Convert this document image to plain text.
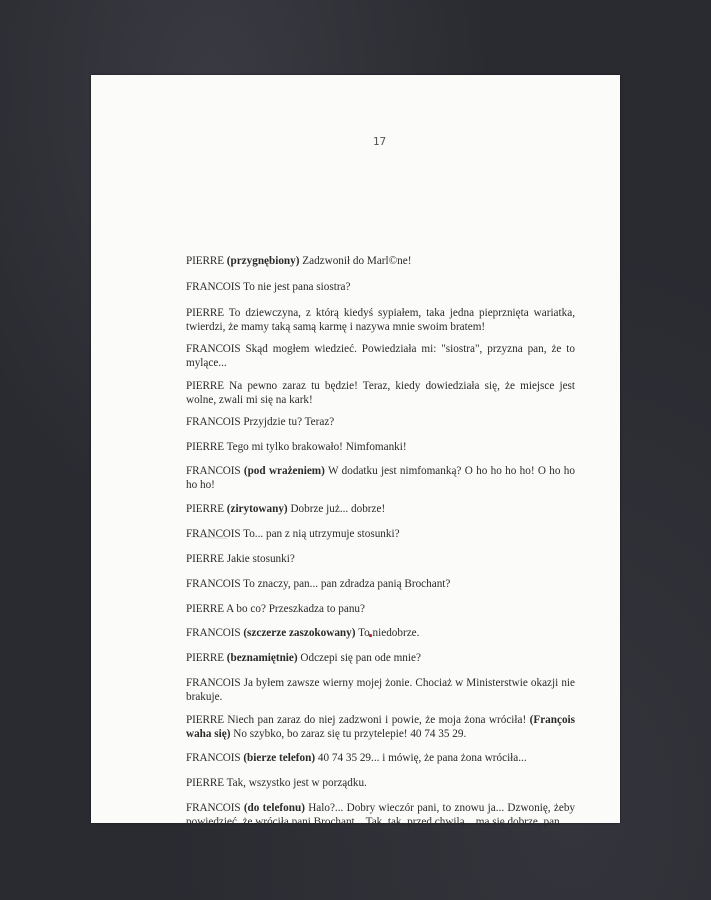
17

PIERRE (przygnębiony) Zadzwonił do Marl©ne!

FRANCOIS To nie jest pana siostra?

PIERRE To dziewczyna, z którą kiedyś sypiałem, taka jedna pieprznięta wariatka, twierdzi, że mamy taką samą karmę i nazywa mnie swoim bratem!

FRANCOIS Skąd mogłem wiedzieć. Powiedziała mi: "siostra", przyzna pan, że to mylące...

PIERRE Na pewno zaraz tu będzie! Teraz, kiedy dowiedziała się, że miejsce jest wolne, zwali mi się na kark!

FRANCOIS Przyjdzie tu? Teraz?

PIERRE Tego mi tylko brakowało! Nimfomanki!

FRANCOIS (pod wrażeniem) W dodatku jest nimfomanką? O ho ho ho ho! O ho ho ho ho!

PIERRE (zirytowany) Dobrze już... dobrze!

FRANCOIS To... pan z nią utrzymuje stosunki?

PIERRE Jakie stosunki?

FRANCOIS To znaczy, pan... pan zdradza panią Brochant?

PIERRE A bo co? Przeszkadza to panu?

FRANCOIS (szczerze zaszokowany) To niedobrze.

PIERRE (beznamiętnie) Odczepi się pan ode mnie?

FRANCOIS Ja byłem zawsze wierny mojej żonie. Chociaż w Ministerstwie okazji nie brakuje.

PIERRE Niech pan zaraz do niej zadzwoni i powie, że moja żona wróciła! (François waha się) No szybko, bo zaraz się tu przytelepie! 40 74 35 29.

FRANCOIS (bierze telefon) 40 74 35 29... i mówię, że pana żona wróciła...

PIERRE Tak, wszystko jest w porządku.

FRANCOIS (do telefonu) Halo?... Dobry wieczór pani, to znowu ja... Dzwonię, żeby powiedzieć, że wróciła pani Brochant... Tak, tak, przed chwilą... ma się dobrze, pan
